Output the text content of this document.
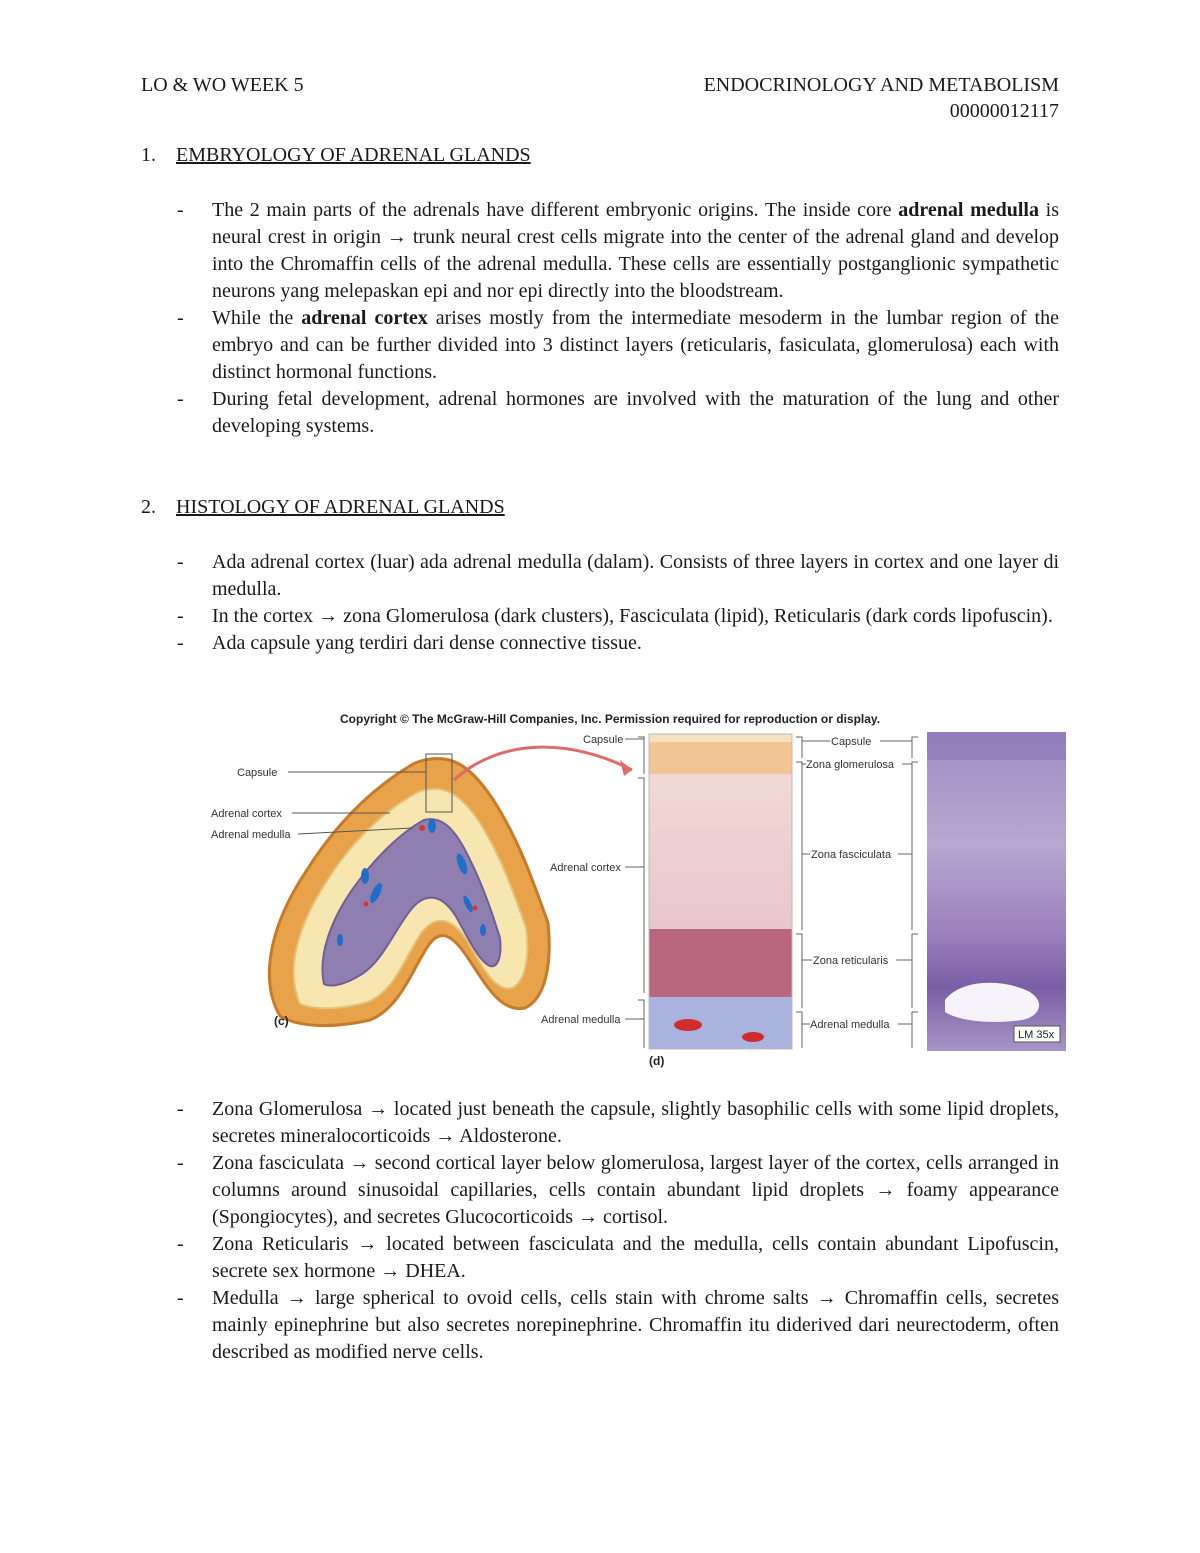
LO & WO WEEK 5	ENDOCRINOLOGY AND METABOLISM
00000012117
1. EMBRYOLOGY OF ADRENAL GLANDS
- The 2 main parts of the adrenals have different embryonic origins. The inside core adrenal medulla is neural crest in origin → trunk neural crest cells migrate into the center of the adrenal gland and develop into the Chromaffin cells of the adrenal medulla. These cells are essentially postganglionic sympathetic neurons yang melepaskan epi and nor epi directly into the bloodstream.
- While the adrenal cortex arises mostly from the intermediate mesoderm in the lumbar region of the embryo and can be further divided into 3 distinct layers (reticularis, fasiculata, glomerulosa) each with distinct hormonal functions.
- During fetal development, adrenal hormones are involved with the maturation of the lung and other developing systems.
2. HISTOLOGY OF ADRENAL GLANDS
- Ada adrenal cortex (luar) ada adrenal medulla (dalam). Consists of three layers in cortex and one layer di medulla.
- In the cortex → zona Glomerulosa (dark clusters), Fasciculata (lipid), Reticularis (dark cords lipofuscin).
- Ada capsule yang terdiri dari dense connective tissue.
Copyright © The McGraw-Hill Companies, Inc. Permission required for reproduction or display.
Capsule
Adrenal cortex
Adrenal medulla
(c)
Capsule
Adrenal cortex
Adrenal medulla
(d)
Capsule
Zona glomerulosa
Zona fasciculata
Zona reticularis
Adrenal medulla
LM 35x
- Zona Glomerulosa → located just beneath the capsule, slightly basophilic cells with some lipid droplets, secretes mineralocorticoids → Aldosterone.
- Zona fasciculata → second cortical layer below glomerulosa, largest layer of the cortex, cells arranged in columns around sinusoidal capillaries, cells contain abundant lipid droplets → foamy appearance (Spongiocytes), and secretes Glucocorticoids → cortisol.
- Zona Reticularis → located between fasciculata and the medulla, cells contain abundant Lipofuscin, secrete sex hormone → DHEA.
- Medulla → large spherical to ovoid cells, cells stain with chrome salts → Chromaffin cells, secretes mainly epinephrine but also secretes norepinephrine. Chromaffin itu diderived dari neurectoderm, often described as modified nerve cells.
